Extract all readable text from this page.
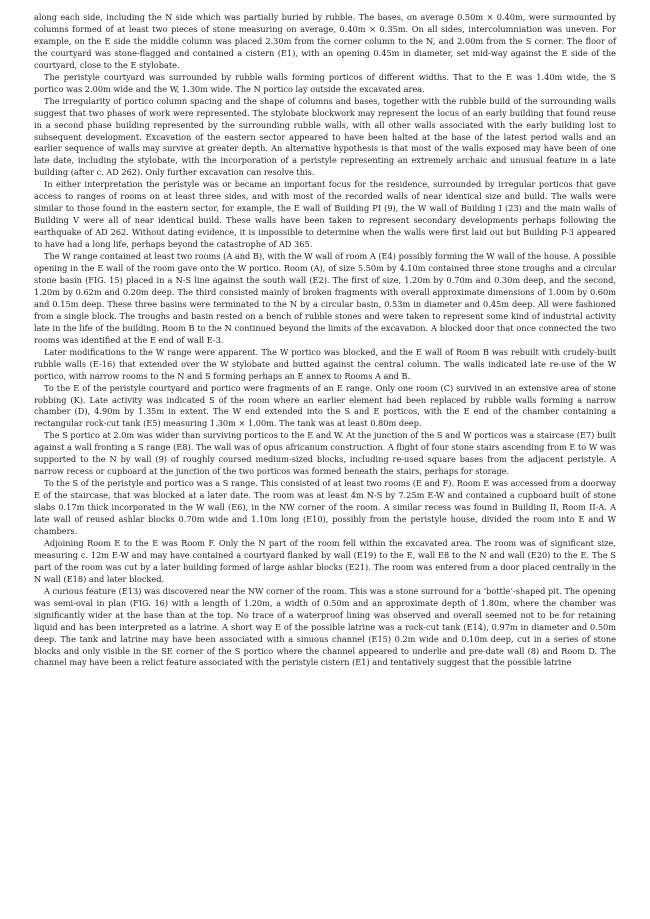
along each side, including the N side which was partially buried by rubble. The bases, on average 0.50m × 0.40m, were surmounted by columns formed of at least two pieces of stone measuring on average, 0.40m × 0.35m. On all sides, intercolumniation was uneven. For example, on the E side the middle column was placed 2.30m from the corner column to the N, and 2.00m from the S corner. The floor of the courtyard was stone-flagged and contained a cistern (E1), with an opening 0.45m in diameter, set mid-way against the E side of the courtyard, close to the E stylobate.

The peristyle courtyard was surrounded by rubble walls forming porticos of different widths. That to the E was 1.40m wide, the S portico was 2.00m wide and the W, 1.30m wide. The N portico lay outside the excavated area.

The irregularity of portico column spacing and the shape of columns and bases, together with the rubble build of the surrounding walls suggest that two phases of work were represented. The stylobate blockwork may represent the locus of an early building that found reuse in a second phase building represented by the surrounding rubble walls, with all other walls associated with the early building lost to subsequent development. Excavation of the eastern sector appeared to have been halted at the base of the latest period walls and an earlier sequence of walls may survive at greater depth. An alternative hypothesis is that most of the walls exposed may have been of one late date, including the stylobate, with the incorporation of a peristyle representing an extremely archaic and unusual feature in a late building (after c. AD 262). Only further excavation can resolve this.

In either interpretation the peristyle was or became an important focus for the residence, surrounded by irregular porticos that gave access to ranges of rooms on at least three sides, and with most of the recorded walls of near identical size and build. The walls were similar to those found in the eastern sector, for example, the E wall of Building PI (9), the W wall of Building I (23) and the main walls of Building V were all of near identical build. These walls have been taken to represent secondary developments perhaps following the earthquake of AD 262. Without dating evidence, it is impossible to determine when the walls were first laid out but Building P-3 appeared to have had a long life, perhaps beyond the catastrophe of AD 365.

The W range contained at least two rooms (A and B), with the W wall of room A (E4) possibly forming the W wall of the house. A possible opening in the E wall of the room gave onto the W portico. Room (A), of size 5.50m by 4.10m contained three stone troughs and a circular stone basin (FIG. 15) placed in a N-S line against the south wall (E2). The first of size, 1.20m by 0.70m and 0.30m deep, and the second, 1.20m by 0.62m and 0.20m deep. The third consisted mainly of broken fragments with overall approximate dimensions of 1.00m by 0.60m and 0.15m deep. These three basins were terminated to the N by a circular basin, 0.53m in diameter and 0.45m deep. All were fashioned from a single block. The troughs and basin rested on a bench of rubble stones and were taken to represent some kind of industrial activity late in the life of the building. Room B to the N continued beyond the limits of the excavation. A blocked door that once connected the two rooms was identified at the E end of wall E-3.

Later modifications to the W range were apparent. The W portico was blocked, and the E wall of Room B was rebuilt with crudely-built rubble walls (E-16) that extended over the W stylobate and butted against the central column. The walls indicated late re-use of the W portico, with narrow rooms to the N and S forming perhaps an E annex to Rooms A and B.

To the E of the peristyle courtyard and portico were fragments of an E range. Only one room (C) survived in an extensive area of stone robbing (K). Late activity was indicated S of the room where an earlier element had been replaced by rubble walls forming a narrow chamber (D), 4.90m by 1.35m in extent. The W end extended into the S and E porticos, with the E end of the chamber containing a rectangular rock-cut tank (E5) measuring 1.30m × 1.00m. The tank was at least 0.80m deep.

The S portico at 2.0m was wider than surviving porticos to the E and W. At the junction of the S and W porticos was a staircase (E7) built against a wall fronting a S range (E8). The wall was of opus africanum construction. A flight of four stone stairs ascending from E to W was supported to the N by wall (9) of roughly coursed medium-sized blocks, including re-used square bases from the adjacent peristyle. A narrow recess or cupboard at the junction of the two porticos was formed beneath the stairs, perhaps for storage.

To the S of the peristyle and portico was a S range. This consisted of at least two rooms (E and F). Room E was accessed from a doorway E of the staircase, that was blocked at a later date. The room was at least 4m N-S by 7.25m E-W and contained a cupboard built of stone slabs 0.17m thick incorporated in the W wall (E6), in the NW corner of the room. A similar recess was found in Building II, Room II-A. A late wall of reused ashlar blocks 0.70m wide and 1.10m long (E10), possibly from the peristyle house, divided the room into E and W chambers.

Adjoining Room E to the E was Room F. Only the N part of the room fell within the excavated area. The room was of significant size, measuring c. 12m E-W and may have contained a courtyard flanked by wall (E19) to the E, wall E8 to the N and wall (E20) to the E. The S part of the room was cut by a later building formed of large ashlar blocks (E21). The room was entered from a door placed centrally in the N wall (E18) and later blocked.

A curious feature (E13) was discovered near the NW corner of the room. This was a stone surround for a ‘bottle’-shaped pit. The opening was semi-oval in plan (FIG. 16) with a length of 1.20m, a width of 0.50m and an approximate depth of 1.80m, where the chamber was significantly wider at the base than at the top. No trace of a waterproof lining was observed and overall seemed not to be for retaining liquid and has been interpreted as a latrine. A short way E of the possible latrine was a rock-cut tank (E14), 0.97m in diameter and 0.50m deep. The tank and latrine may have been associated with a sinuous channel (E15) 0.2m wide and 0.10m deep, cut in a series of stone blocks and only visible in the SE corner of the S portico where the channel appeared to underlie and pre-date wall (8) and Room D. The channel may have been a relict feature associated with the peristyle cistern (E1) and tentatively suggest that the possible latrine
